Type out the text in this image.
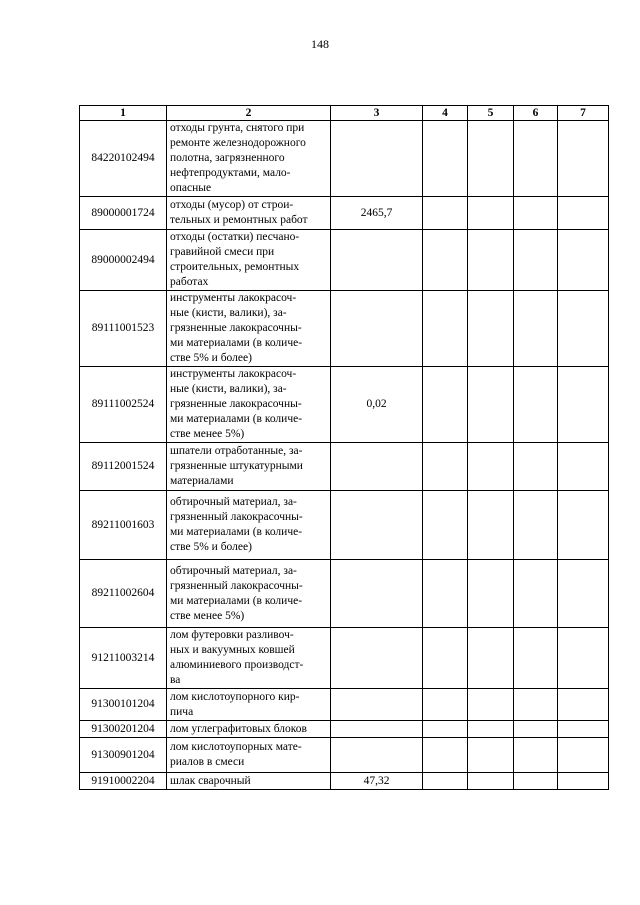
148
1	2	3	4	5	6	7
84220102494	отходы грунта, снятого при
ремонте железнодорожного
полотна, загрязненного
нефтепродуктами, мало-
опасные					
89000001724	отходы (мусор) от строи-
тельных и ремонтных работ	2465,7				
89000002494	отходы (остатки) песчано-
гравийной смеси при
строительных, ремонтных
работах					
89111001523	инструменты лакокрасоч-
ные (кисти, валики), за-
грязненные лакокрасочны-
ми материалами (в количе-
стве 5% и более)					
89111002524	инструменты лакокрасоч-
ные (кисти, валики), за-
грязненные лакокрасочны-
ми материалами (в количе-
стве менее 5%)	0,02				
89112001524	шпатели отработанные, за-
грязненные штукатурными
материалами					
89211001603	обтирочный материал, за-
грязненный лакокрасочны-
ми материалами (в количе-
стве 5% и более)					
89211002604	обтирочный материал, за-
грязненный лакокрасочны-
ми материалами (в количе-
стве менее 5%)					
91211003214	лом футеровки разливоч-
ных и вакуумных ковшей
алюминиевого производст-
ва					
91300101204	лом кислотоупорного кир-
пича					
91300201204	лом углеграфитовых блоков					
91300901204	лом кислотоупорных мате-
риалов в смеси					
91910002204	шлак сварочный	47,32				
